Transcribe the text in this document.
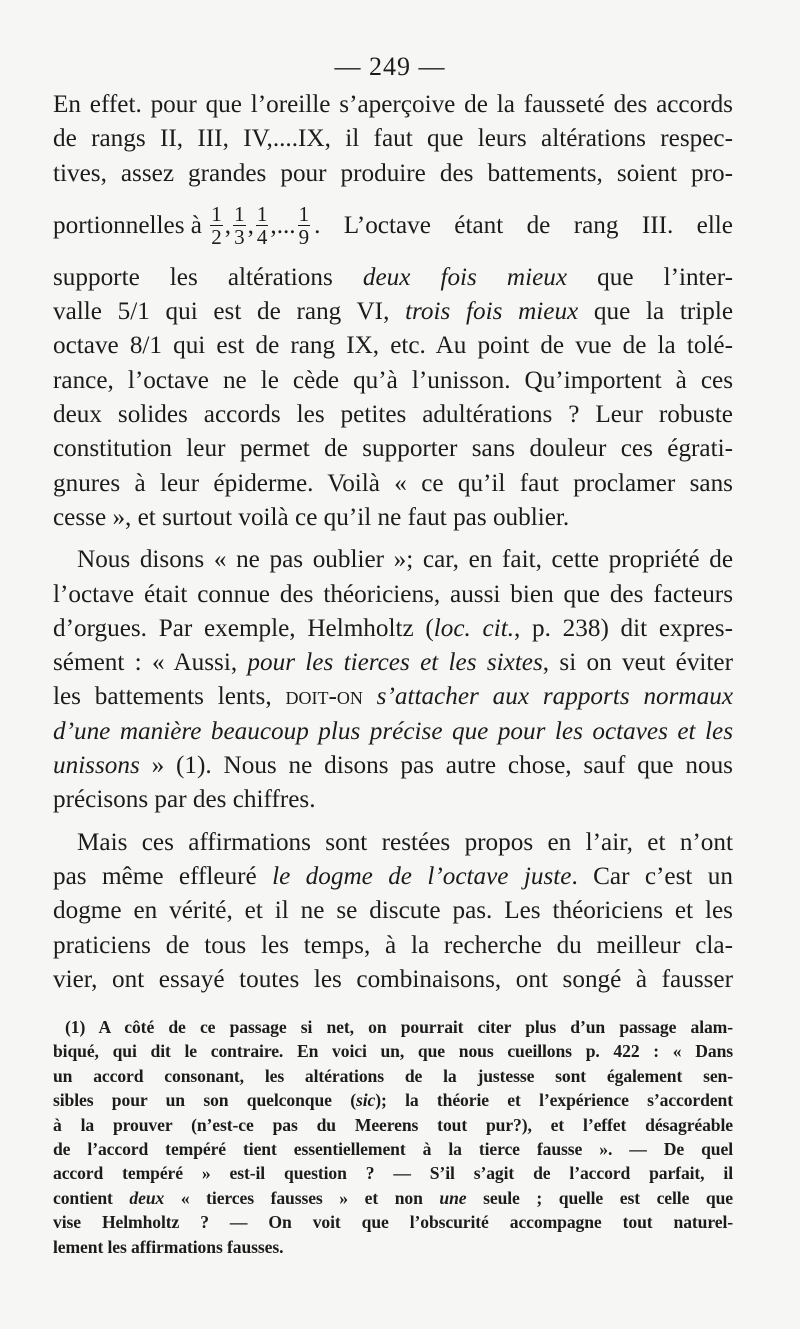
— 249 —

En effet. pour que l’oreille s’aperçoive de la fausseté des accords
de rangs II, III, IV,....IX, il faut que leurs altérations respec-
tives, assez grandes pour produire des battements, soient pro-
portionnelles à
$\frac{1}{2}$ , $\frac{1}{3}$ , $\frac{1}{4}$ ,... $\frac{1}{9}$ . L’octave étant de rang III. elle
supporte les altérations deux fois mieux que l’inter-
valle 5/1 qui est de rang VI, trois fois mieux que la triple
octave 8/1 qui est de rang IX, etc. Au point de vue de la tolé-
rance, l’octave ne le cède qu’à l’unisson. Qu’importent à ces
deux solides accords les petites adultérations ? Leur robuste
constitution leur permet de supporter sans douleur ces égrati-
gnures à leur épiderme. Voilà « ce qu’il faut proclamer sans
cesse », et surtout voilà ce qu’il ne faut pas oublier.

Nous disons « ne pas oublier »; car, en fait, cette propriété de
l’octave était connue des théoriciens, aussi bien que des facteurs
d’orgues. Par exemple, Helmholtz (loc. cit., p. 238) dit expres-
sément : « Aussi, pour les tierces et les sixtes, si on veut éviter
les battements lents, doit-on s’attacher aux rapports normaux
d’une manière beaucoup plus précise que pour les octaves et les
unissons » (1). Nous ne disons pas autre chose, sauf que nous
précisons par des chiffres.

Mais ces affirmations sont restées propos en l’air, et n’ont
pas même effleuré le dogme de l’octave juste. Car c’est un
dogme en vérité, et il ne se discute pas. Les théoriciens et les
praticiens de tous les temps, à la recherche du meilleur cla-
vier, ont essayé toutes les combinaisons, ont songé à fausser

(1) A côté de ce passage si net, on pourrait citer plus d’un passage alam-
biqué, qui dit le contraire. En voici un, que nous cueillons p. 422 : « Dans
un accord consonant, les altérations de la justesse sont également sen-
sibles pour un son quelconque (sic); la théorie et l’expérience s’accordent
à la prouver (n’est-ce pas du Meerens tout pur?), et l’effet désagréable
de l’accord tempéré tient essentiellement à la tierce fausse ». — De quel
accord tempéré » est-il question ? — S’il s’agit de l’accord parfait, il
contient deux « tierces fausses » et non une seule ; quelle est celle que
vise Helmholtz ? — On voit que l’obscurité accompagne tout naturel-
lement les affirmations fausses.
